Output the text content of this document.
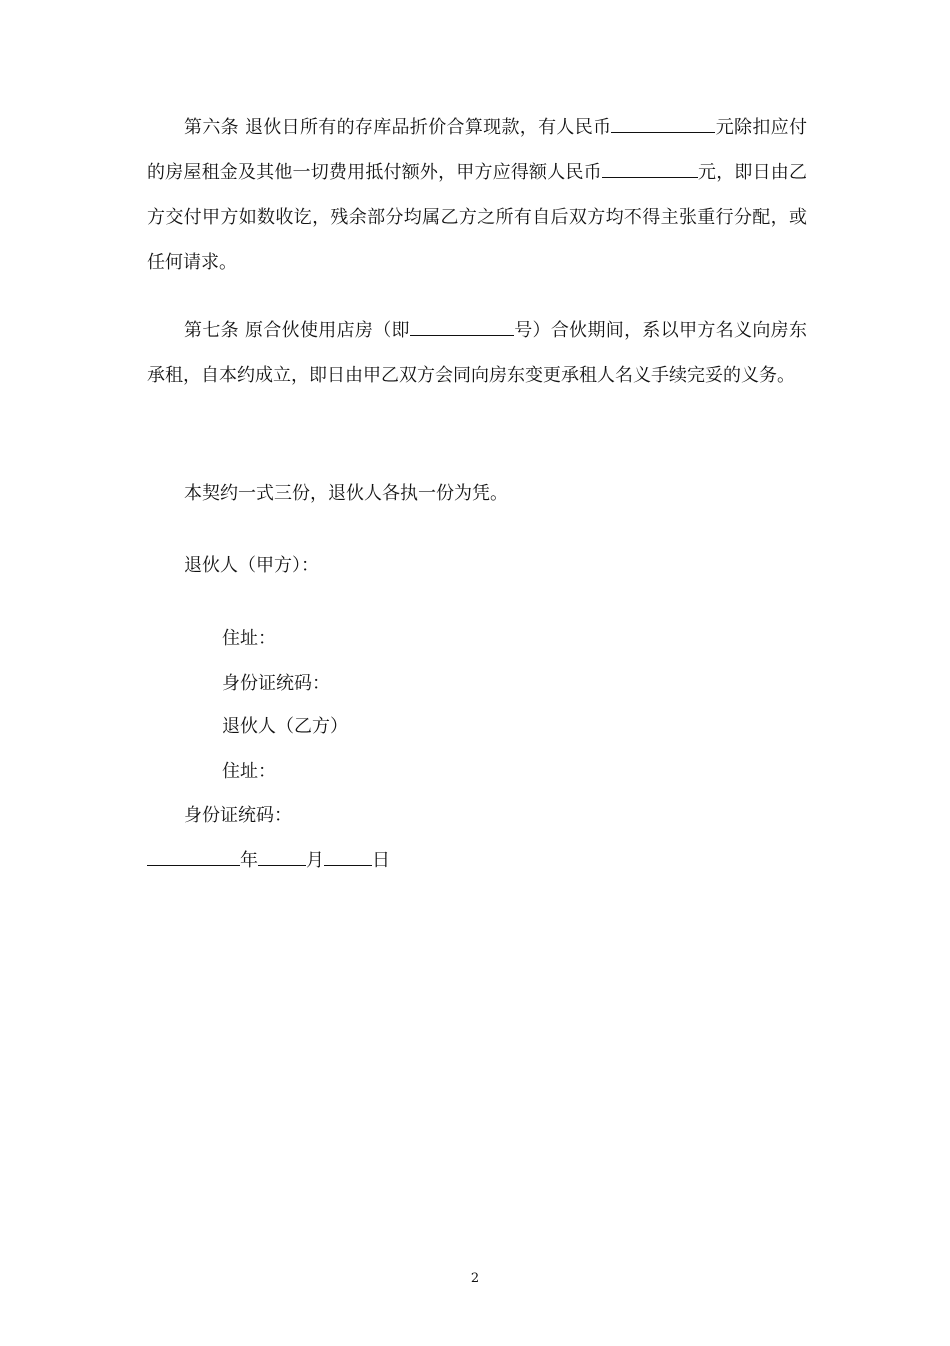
第六条 退伙日所有的存库品折价合算现款，有人民币	元除扣应付的房屋租金及其他一切费用抵付额外，甲方应得额人民币	元，即日由乙方交付甲方如数收讫，残余部分均属乙方之所有自后双方均不得主张重行分配，或任何请求。

第七条 原合伙使用店房（即	号）合伙期间，系以甲方名义向房东承租，自本约成立，即日由甲乙双方会同向房东变更承租人名义手续完妥的义务。

本契约一式三份，退伙人各执一份为凭。
退伙人（甲方）：
住址：
身份证统码：
退伙人（乙方）
住址：
身份证统码：
年	月	日
2
